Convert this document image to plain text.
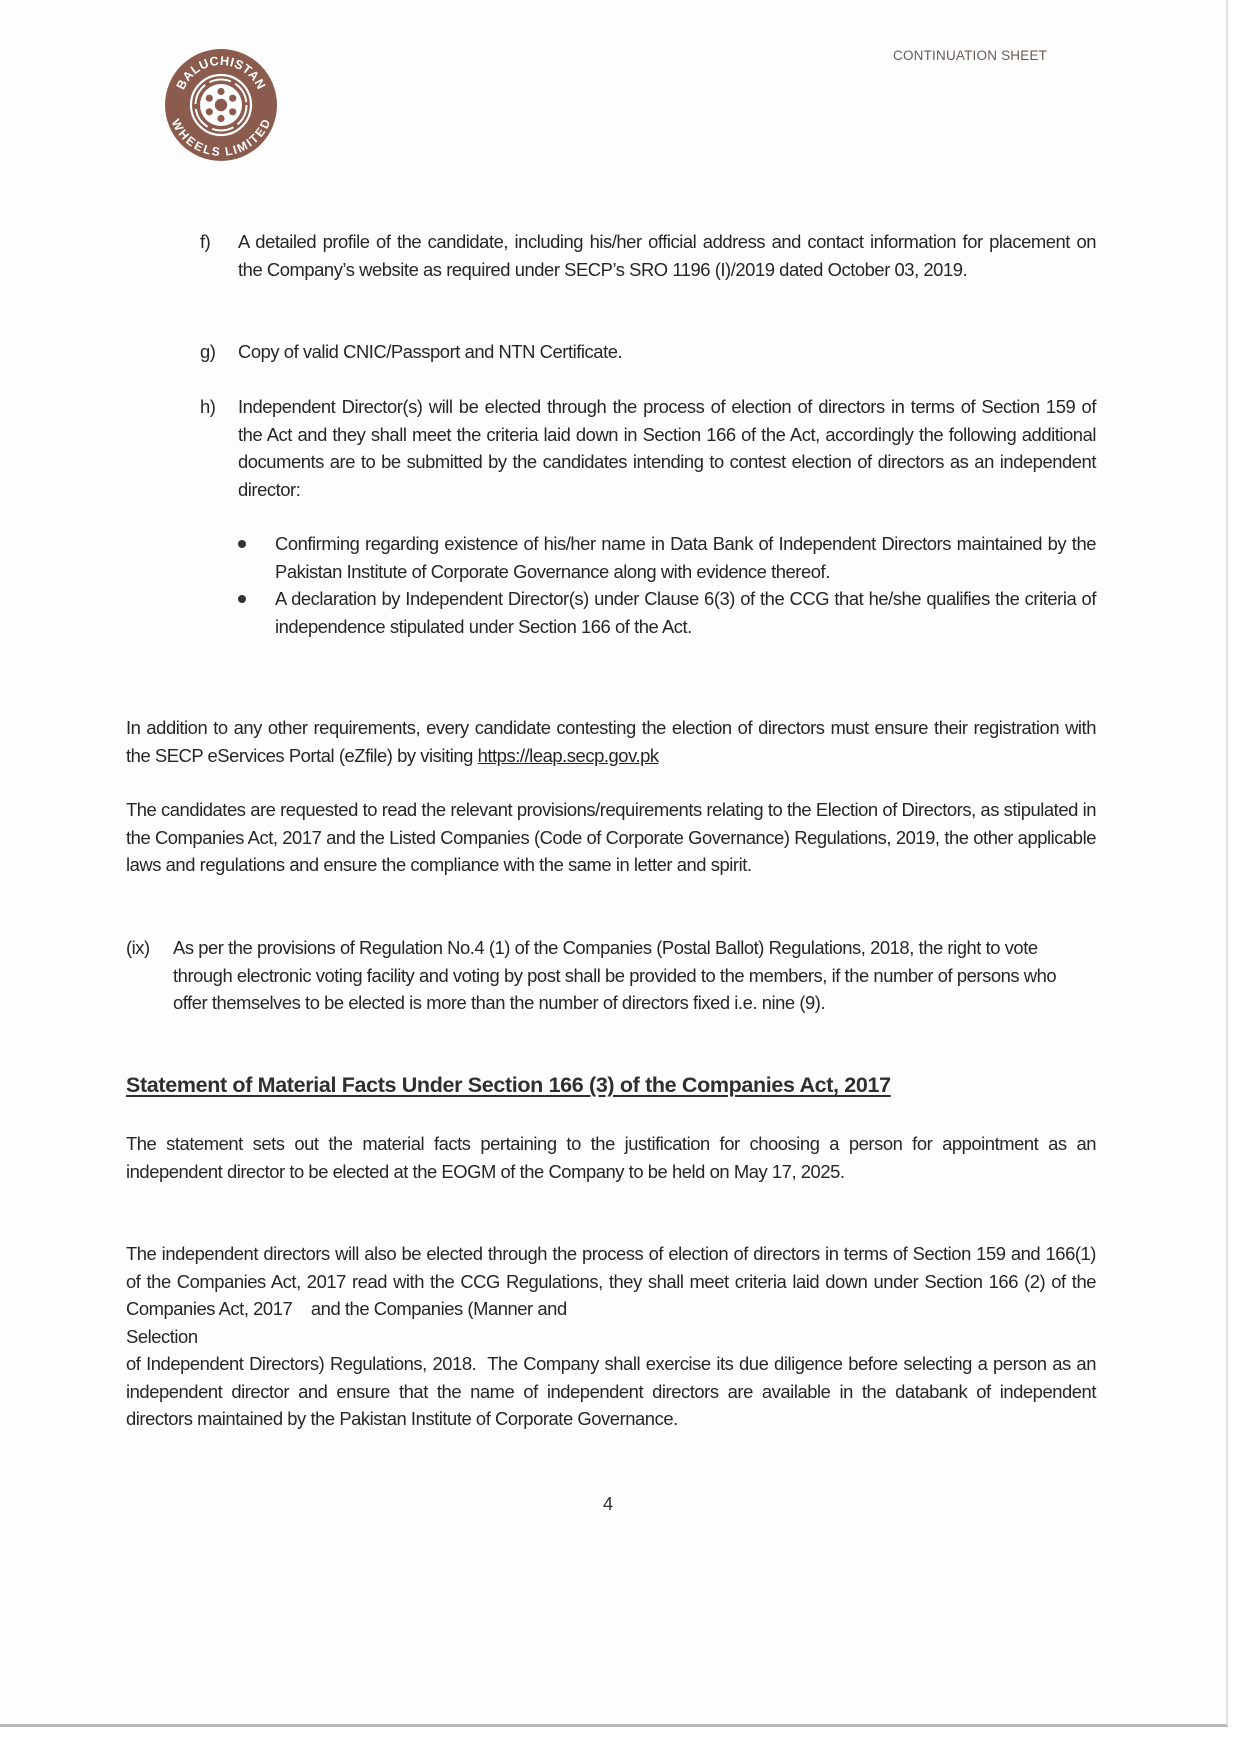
BALUCHISTAN
WHEELS LIMITED
CONTINUATION SHEET
f) A detailed profile of the candidate, including his/her official address and contact information for placement on the Company’s website as required under SECP’s SRO 1196 (I)/2019 dated October 03, 2019.
g) Copy of valid CNIC/Passport and NTN Certificate.
h) Independent Director(s) will be elected through the process of election of directors in terms of Section 159 of the Act and they shall meet the criteria laid down in Section 166 of the Act, accordingly the following additional documents are to be submitted by the candidates intending to contest election of directors as an independent director:
Confirming regarding existence of his/her name in Data Bank of Independent Directors maintained by the Pakistan Institute of Corporate Governance along with evidence thereof.
A declaration by Independent Director(s) under Clause 6(3) of the CCG that he/she qualifies the criteria of independence stipulated under Section 166 of the Act.
In addition to any other requirements, every candidate contesting the election of directors must ensure their registration with the SECP eServices Portal (eZfile) by visiting https://leap.secp.gov.pk
The candidates are requested to read the relevant provisions/requirements relating to the Election of Directors, as stipulated in the Companies Act, 2017 and the Listed Companies (Code of Corporate Governance) Regulations, 2019, the other applicable laws and regulations and ensure the compliance with the same in letter and spirit.
(ix) As per the provisions of Regulation No.4 (1) of the Companies (Postal Ballot) Regulations, 2018, the right to vote through electronic voting facility and voting by post shall be provided to the members, if the number of persons who offer themselves to be elected is more than the number of directors fixed i.e. nine (9).
Statement of Material Facts Under Section 166 (3) of the Companies Act, 2017
The statement sets out the material facts pertaining to the justification for choosing a person for appointment as an independent director to be elected at the EOGM of the Company to be held on May 17, 2025.
The independent directors will also be elected through the process of election of directors in terms of Section 159 and 166(1) of the Companies Act, 2017 read with the CCG Regulations, they shall meet criteria laid down under Section 166 (2) of the Companies Act, 2017    and the Companies (Manner and
Selection
of Independent Directors) Regulations, 2018.  The Company shall exercise its due diligence before selecting a person as an independent director and ensure that the name of independent directors are available in the databank of independent directors maintained by the Pakistan Institute of Corporate Governance.
4
